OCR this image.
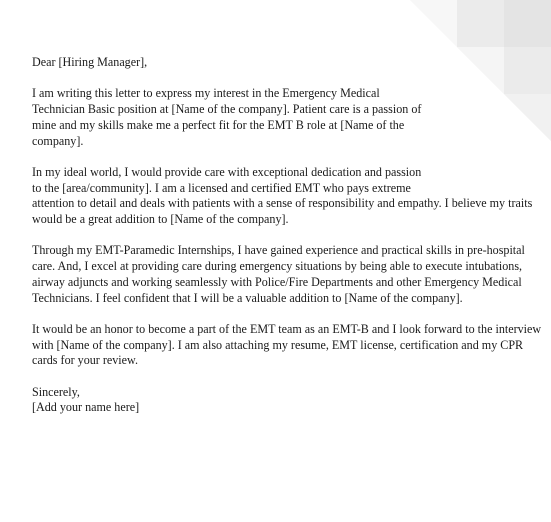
Dear [Hiring Manager],

I am writing this letter to express my interest in the Emergency Medical
Technician Basic position at [Name of the company]. Patient care is a passion of
mine and my skills make me a perfect fit for the EMT B role at [Name of the
company].

In my ideal world, I would provide care with exceptional dedication and passion
to the [area/community]. I am a licensed and certified EMT who pays extreme
attention to detail and deals with patients with a sense of responsibility and empathy. I believe my traits
would be a great addition to [Name of the company].

Through my EMT-Paramedic Internships, I have gained experience and practical skills in pre-hospital
care. And, I excel at providing care during emergency situations by being able to execute intubations,
airway adjuncts and working seamlessly with Police/Fire Departments and other Emergency Medical
Technicians. I feel confident that I will be a valuable addition to [Name of the company].

It would be an honor to become a part of the EMT team as an EMT-B and I look forward to the interview
with [Name of the company]. I am also attaching my resume, EMT license, certification and my CPR
cards for your review.

Sincerely,

[Add your name here]
